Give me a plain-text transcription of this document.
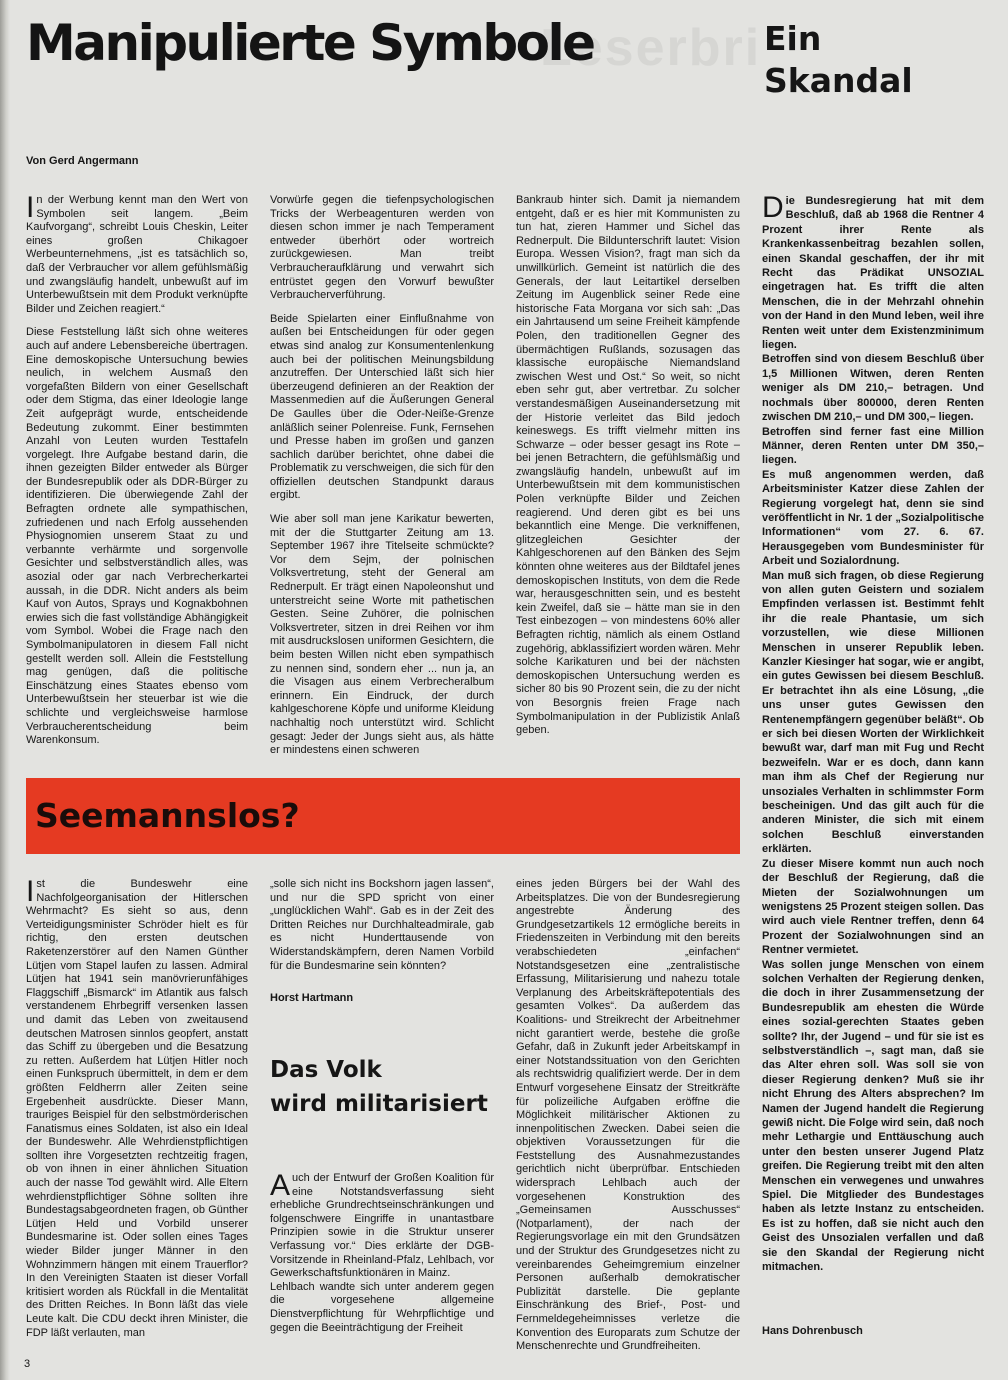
Leserbri
Manipulierte Symbole	Ein
Skandal
Von Gerd Angermann

In der Werbung kennt man den Wert von Symbolen seit langem. „Beim Kaufvorgang“, schreibt Louis Cheskin, Leiter eines großen Chikagoer Werbeunternehmens, „ist es tatsächlich so, daß der Verbraucher vor allem gefühlsmäßig und zwangsläufig handelt, unbewußt auf im Unterbewußtsein mit dem Produkt verknüpfte Bilder und Zeichen reagiert.“

Diese Feststellung läßt sich ohne weiteres auch auf andere Lebensbereiche übertragen. Eine demoskopische Untersuchung bewies neulich, in welchem Ausmaß den vorgefaßten Bildern von einer Gesellschaft oder dem Stigma, das einer Ideologie lange Zeit aufgeprägt wurde, entscheidende Bedeutung zukommt. Einer bestimmten Anzahl von Leuten wurden Testtafeln vorgelegt. Ihre Aufgabe bestand darin, die ihnen gezeigten Bilder entweder als Bürger der Bundesrepublik oder als DDR-Bürger zu identifizieren. Die überwiegende Zahl der Befragten ordnete alle sympathischen, zufriedenen und nach Erfolg aussehenden Physiognomien unserem Staat zu und verbannte verhärmte und sorgenvolle Gesichter und selbstverständlich alles, was asozial oder gar nach Verbrecherkartei aussah, in die DDR. Nicht anders als beim Kauf von Autos, Sprays und Kognakbohnen erwies sich die fast vollständige Abhängigkeit vom Symbol. Wobei die Frage nach den Symbolmanipulatoren in diesem Fall nicht gestellt werden soll. Allein die Feststellung mag genügen, daß die politische Einschätzung eines Staates ebenso vom Unterbewußtsein her steuerbar ist wie die schlichte und vergleichsweise harmlose Verbraucherentscheidung beim Warenkonsum.

Vorwürfe gegen die tiefenpsychologischen Tricks der Werbeagenturen werden von diesen schon immer je nach Temperament entweder überhört oder wortreich zurückgewiesen. Man treibt Verbraucheraufklärung und verwahrt sich entrüstet gegen den Vorwurf bewußter Verbraucherverführung.

Beide Spielarten einer Einflußnahme von außen bei Entscheidungen für oder gegen etwas sind analog zur Konsumentenlenkung auch bei der politischen Meinungsbildung anzutreffen. Der Unterschied läßt sich hier überzeugend definieren an der Reaktion der Massenmedien auf die Äußerungen General De Gaulles über die Oder-Neiße-Grenze anläßlich seiner Polenreise. Funk, Fernsehen und Presse haben im großen und ganzen sachlich darüber berichtet, ohne dabei die Problematik zu verschweigen, die sich für den offiziellen deutschen Standpunkt daraus ergibt.

Wie aber soll man jene Karikatur bewerten, mit der die Stuttgarter Zeitung am 13. September 1967 ihre Titelseite schmückte? Vor dem Sejm, der polnischen Volksvertretung, steht der General am Rednerpult. Er trägt einen Napoleonshut und unterstreicht seine Worte mit pathetischen Gesten. Seine Zuhörer, die polnischen Volksvertreter, sitzen in drei Reihen vor ihm mit ausdruckslosen uniformen Gesichtern, die beim besten Willen nicht eben sympathisch zu nennen sind, sondern eher ... nun ja, an die Visagen aus einem Verbrecheralbum erinnern. Ein Eindruck, der durch kahlgeschorene Köpfe und uniforme Kleidung nachhaltig noch unterstützt wird. Schlicht gesagt: Jeder der Jungs sieht aus, als hätte er mindestens einen schweren

Bankraub hinter sich. Damit ja niemandem entgeht, daß er es hier mit Kommunisten zu tun hat, zieren Hammer und Sichel das Rednerpult. Die Bildunterschrift lautet: Vision Europa. Wessen Vision?, fragt man sich da unwillkürlich. Gemeint ist natürlich die des Generals, der laut Leitartikel derselben Zeitung im Augenblick seiner Rede eine historische Fata Morgana vor sich sah: „Das ein Jahrtausend um seine Freiheit kämpfende Polen, den traditionellen Gegner des übermächtigen Rußlands, sozusagen das klassische europäische Niemandsland zwischen West und Ost.“ So weit, so nicht eben sehr gut, aber vertretbar. Zu solcher verstandesmäßigen Auseinandersetzung mit der Historie verleitet das Bild jedoch keineswegs. Es trifft vielmehr mitten ins Schwarze – oder besser gesagt ins Rote – bei jenen Betrachtern, die gefühlsmäßig und zwangsläufig handeln, unbewußt auf im Unterbewußtsein mit dem kommunistischen Polen verknüpfte Bilder und Zeichen reagierend. Und deren gibt es bei uns bekanntlich eine Menge. Die verkniffenen, glitzegleichen Gesichter der Kahlgeschorenen auf den Bänken des Sejm könnten ohne weiteres aus der Bildtafel jenes demoskopischen Instituts, von dem die Rede war, herausgeschnitten sein, und es besteht kein Zweifel, daß sie – hätte man sie in den Test einbezogen – von mindestens 60% aller Befragten richtig, nämlich als einem Ostland zugehörig, abklassifiziert worden wären. Mehr solche Karikaturen und bei der nächsten demoskopischen Untersuchung werden es sicher 80 bis 90 Prozent sein, die zu der nicht von Besorgnis freien Frage nach Symbolmanipulation in der Publizistik Anlaß geben.

Die Bundesregierung hat mit dem Beschluß, daß ab 1968 die Rentner 4 Prozent ihrer Rente als Krankenkassenbeitrag bezahlen sollen, einen Skandal geschaffen, der ihr mit Recht das Prädikat UNSOZIAL eingetragen hat. Es trifft die alten Menschen, die in der Mehrzahl ohnehin von der Hand in den Mund leben, weil ihre Renten weit unter dem Existenzminimum liegen.

Betroffen sind von diesem Beschluß über 1,5 Millionen Witwen, deren Renten weniger als DM 210,– betragen. Und nochmals über 800000, deren Renten zwischen DM 210,– und DM 300,– liegen.

Betroffen sind ferner fast eine Million Männer, deren Renten unter DM 350,– liegen.

Es muß angenommen werden, daß Arbeitsminister Katzer diese Zahlen der Regierung vorgelegt hat, denn sie sind veröffentlicht in Nr. 1 der „Sozialpolitische Informationen“ vom 27. 6. 67. Herausgegeben vom Bundesminister für Arbeit und Sozialordnung.

Man muß sich fragen, ob diese Regierung von allen guten Geistern und sozialem Empfinden verlassen ist. Bestimmt fehlt ihr die reale Phantasie, um sich vorzustellen, wie diese Millionen Menschen in unserer Republik leben. Kanzler Kiesinger hat sogar, wie er angibt, ein gutes Gewissen bei diesem Beschluß. Er betrachtet ihn als eine Lösung, „die uns unser gutes Gewissen den Rentenempfängern gegenüber beläßt“. Ob er sich bei diesen Worten der Wirklichkeit bewußt war, darf man mit Fug und Recht bezweifeln. War er es doch, dann kann man ihm als Chef der Regierung nur unsoziales Verhalten in schlimmster Form bescheinigen. Und das gilt auch für die anderen Minister, die sich mit einem solchen Beschluß einverstanden erklärten.

Zu dieser Misere kommt nun auch noch der Beschluß der Regierung, daß die Mieten der Sozialwohnungen um wenigstens 25 Prozent steigen sollen. Das wird auch viele Rentner treffen, denn 64 Prozent der Sozialwohnungen sind an Rentner vermietet.

Was sollen junge Menschen von einem solchen Verhalten der Regierung denken, die doch in ihrer Zusammensetzung der Bundesrepublik am ehesten die Würde eines sozial-gerechten Staates geben sollte? Ihr, der Jugend – und für sie ist es selbstverständlich –, sagt man, daß sie das Alter ehren soll. Was soll sie von dieser Regierung denken? Muß sie ihr nicht Ehrung des Alters absprechen? Im Namen der Jugend handelt die Regierung gewiß nicht. Die Folge wird sein, daß noch mehr Lethargie und Enttäuschung auch unter den besten unserer Jugend Platz greifen. Die Regierung treibt mit den alten Menschen ein verwegenes und unwahres Spiel. Die Mitglieder des Bundestages haben als letzte Instanz zu entscheiden. Es ist zu hoffen, daß sie nicht auch den Geist des Unsozialen verfallen und daß sie den Skandal der Regierung nicht mitmachen.

Seemannslos?

Ist die Bundeswehr eine Nachfolgeorganisation der Hitlerschen Wehrmacht? Es sieht so aus, denn Verteidigungsminister Schröder hielt es für richtig, den ersten deutschen Raketenzerstörer auf den Namen Günther Lütjen vom Stapel laufen zu lassen. Admiral Lütjen hat 1941 sein manövrierunfähiges Flaggschiff „Bismarck“ im Atlantik aus falsch verstandenem Ehrbegriff versenken lassen und damit das Leben von zweitausend deutschen Matrosen sinnlos geopfert, anstatt das Schiff zu übergeben und die Besatzung zu retten. Außerdem hat Lütjen Hitler noch einen Funkspruch übermittelt, in dem er dem größten Feldherrn aller Zeiten seine Ergebenheit ausdrückte. Dieser Mann, trauriges Beispiel für den selbstmörderischen Fanatismus eines Soldaten, ist also ein Ideal der Bundeswehr. Alle Wehrdienstpflichtigen sollten ihre Vorgesetzten rechtzeitig fragen, ob von ihnen in einer ähnlichen Situation auch der nasse Tod gewählt wird. Alle Eltern wehrdienstpflichtiger Söhne sollten ihre Bundestagsabgeordneten fragen, ob Günther Lütjen Held und Vorbild unserer Bundesmarine ist. Oder sollen eines Tages wieder Bilder junger Männer in den Wohnzimmern hängen mit einem Trauerflor? In den Vereinigten Staaten ist dieser Vorfall kritisiert worden als Rückfall in die Mentalität des Dritten Reiches. In Bonn läßt das viele Leute kalt. Die CDU deckt ihren Minister, die FDP läßt verlauten, man

„solle sich nicht ins Bockshorn jagen lassen“, und nur die SPD spricht von einer „unglücklichen Wahl“. Gab es in der Zeit des Dritten Reiches nur Durchhalteadmirale, gab es nicht Hunderttausende von Widerstandskämpfern, deren Namen Vorbild für die Bundesmarine sein könnten?

Horst Hartmann
Das Volk
wird militarisiert

Auch der Entwurf der Großen Koalition für eine Notstandsverfassung sieht erhebliche Grundrechtseinschränkungen und folgenschwere Eingriffe in unantastbare Prinzipien sowie in die Struktur unserer Verfassung vor.“ Dies erklärte der DGB-Vorsitzende in Rheinland-Pfalz, Lehlbach, vor Gewerkschaftsfunktionären in Mainz.

Lehlbach wandte sich unter anderem gegen die vorgesehene allgemeine Dienstverpflichtung für Wehrpflichtige und gegen die Beeinträchtigung der Freiheit

eines jeden Bürgers bei der Wahl des Arbeitsplatzes. Die von der Bundesregierung angestrebte Änderung des Grundgesetzartikels 12 ermögliche bereits in Friedenszeiten in Verbindung mit den bereits verabschiedeten „einfachen“ Notstandsgesetzen eine „zentralistische Erfassung, Militarisierung und nahezu totale Verplanung des Arbeitskräftepotentials des gesamten Volkes“. Da außerdem das Koalitions- und Streikrecht der Arbeitnehmer nicht garantiert werde, bestehe die große Gefahr, daß in Zukunft jeder Arbeitskampf in einer Notstandssituation von den Gerichten als rechtswidrig qualifiziert werde. Der in dem Entwurf vorgesehene Einsatz der Streitkräfte für polizeiliche Aufgaben eröffne die Möglichkeit militärischer Aktionen zu innenpolitischen Zwecken. Dabei seien die objektiven Voraussetzungen für die Feststellung des Ausnahmezustandes gerichtlich nicht überprüfbar. Entschieden widersprach Lehlbach auch der vorgesehenen Konstruktion des „Gemeinsamen Ausschusses“ (Notparlament), der nach der Regierungsvorlage ein mit den Grundsätzen und der Struktur des Grundgesetzes nicht zu vereinbarendes Geheimgremium einzelner Personen außerhalb demokratischer Publizität darstelle. Die geplante Einschränkung des Brief-, Post- und Fernmeldegeheimnisses verletze die Konvention des Europarats zum Schutze der Menschenrechte und Grundfreiheiten.

Hans Dohrenbusch
3
